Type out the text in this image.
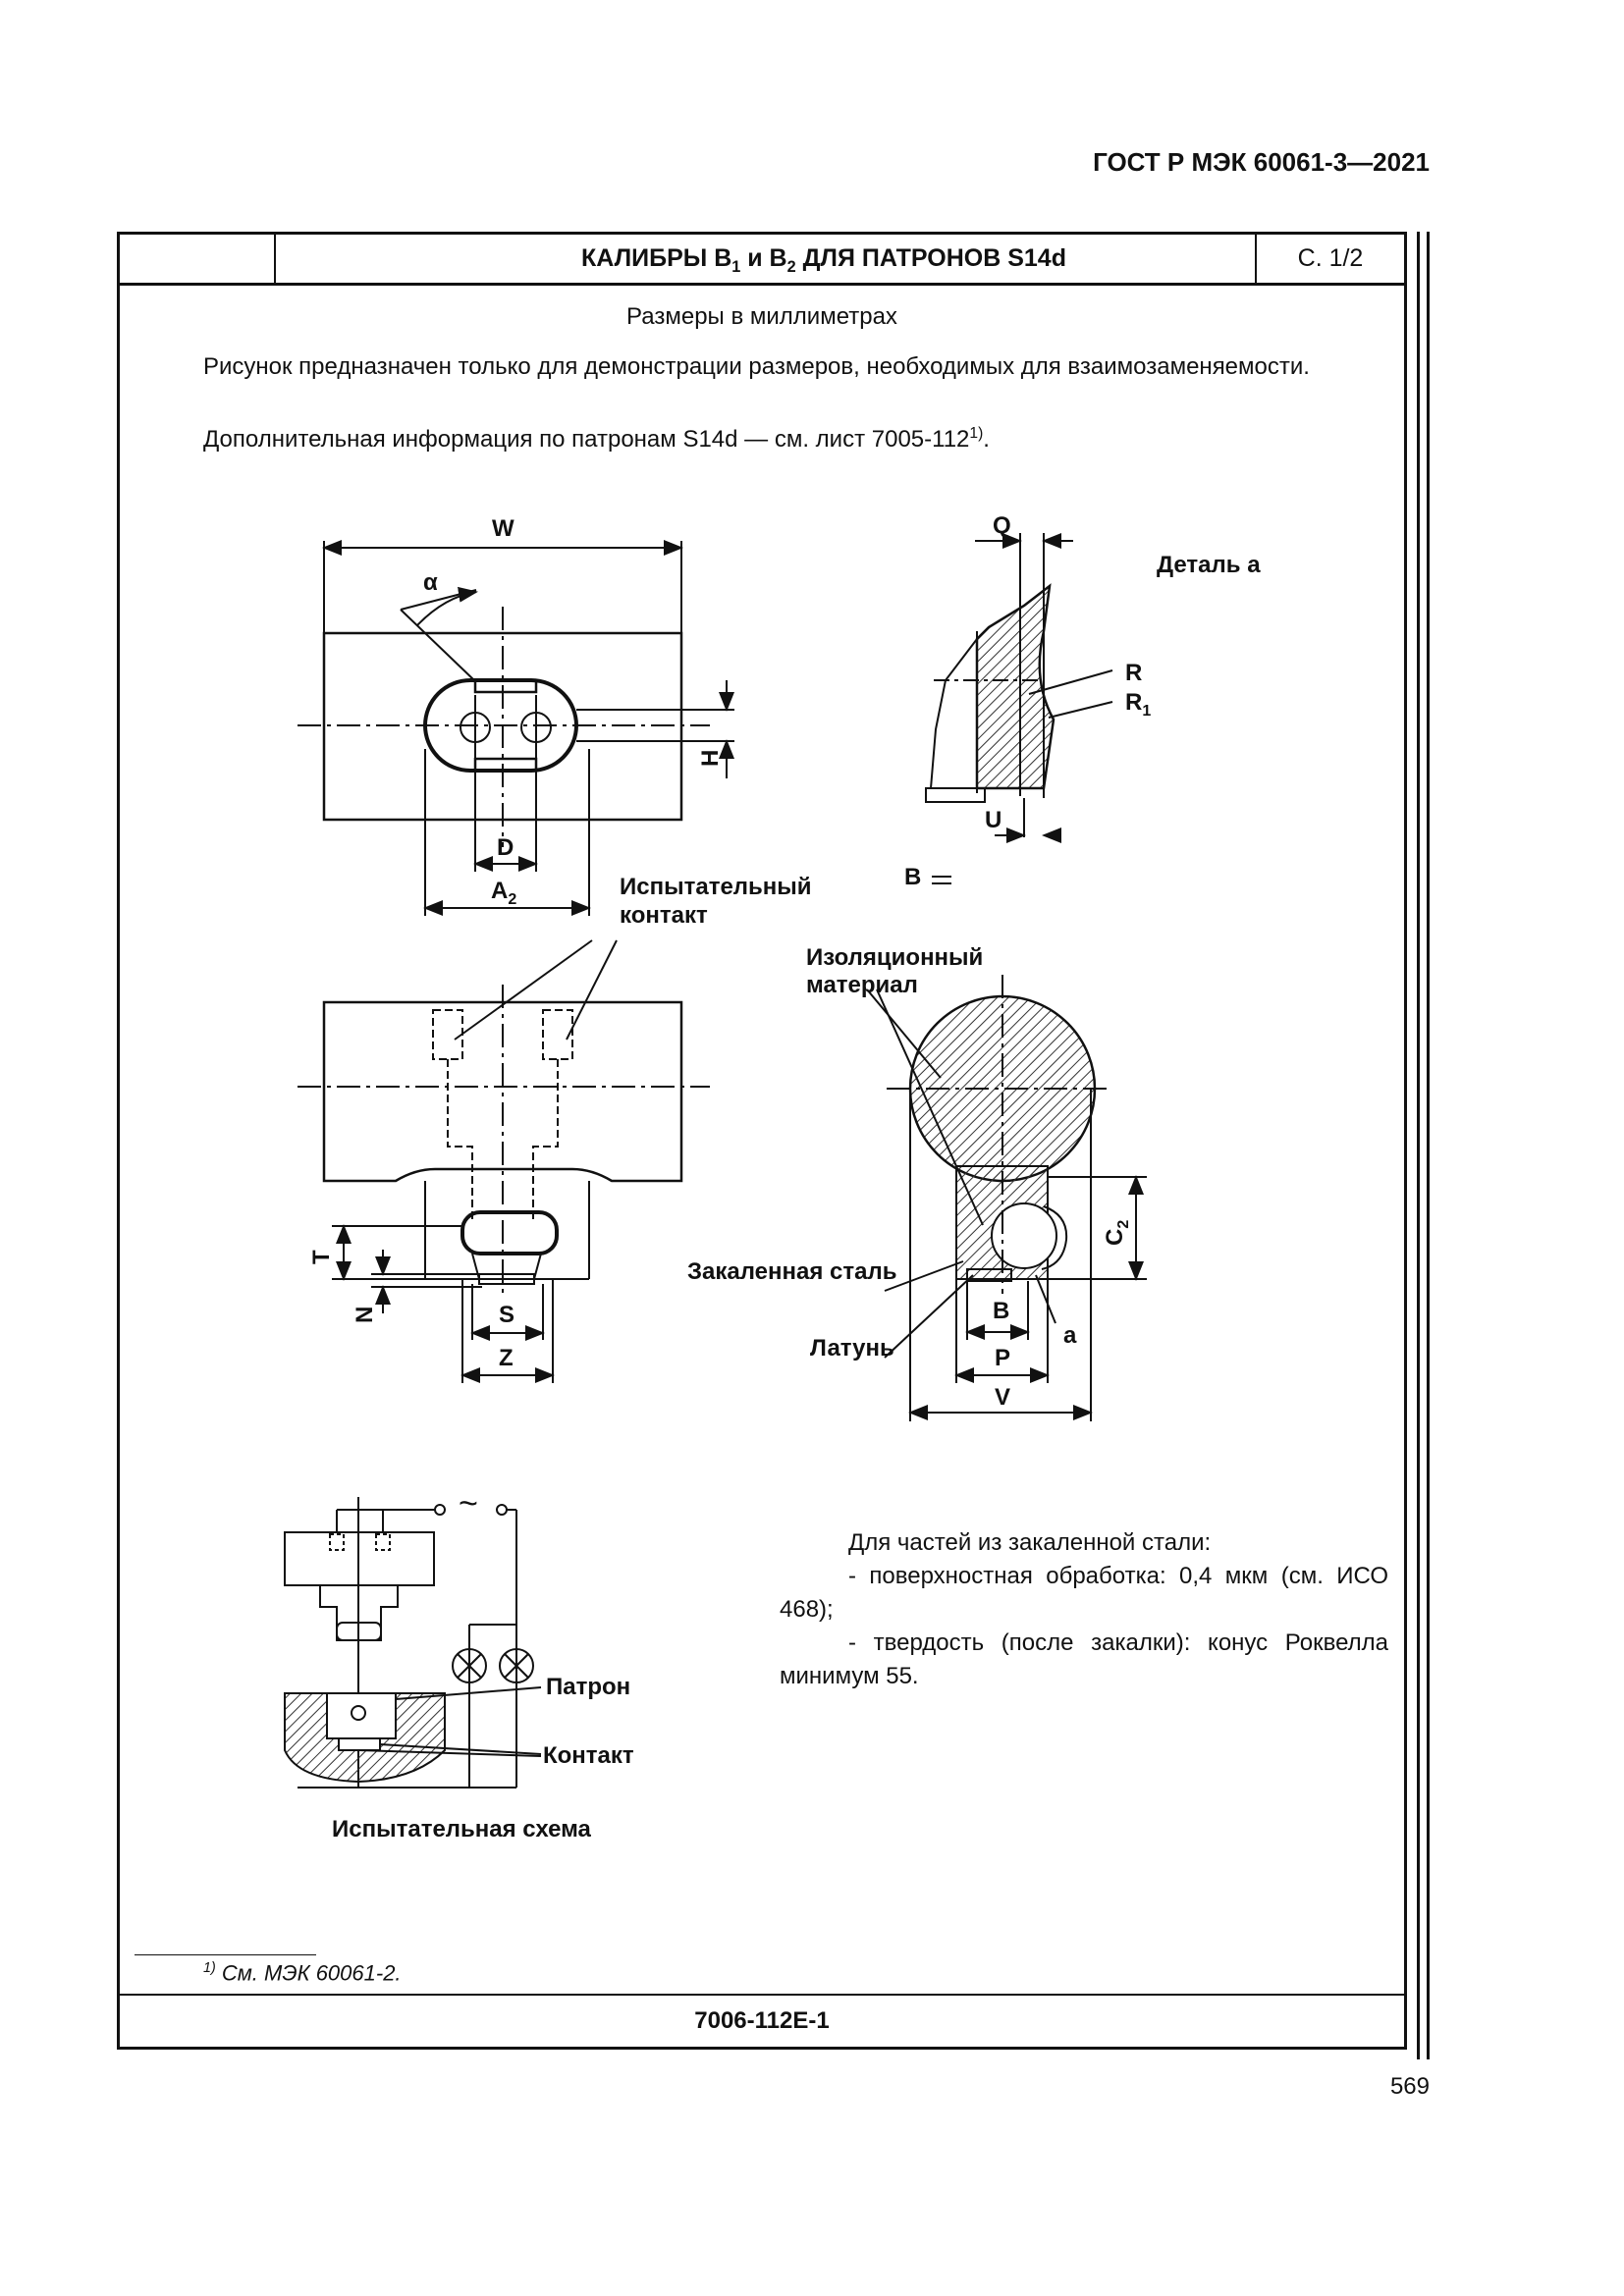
ГОСТ Р МЭК 60061-3—2021
КАЛИБРЫ $B_1$ и $B_2$ ДЛЯ ПАТРОНОВ S14d	С. 1/2
Размеры в миллиметрах
Рисунок предназначен только для демонстрации размеров, необходимых для взаимозаменяемости.
Дополнительная информация по патронам S14d — см. лист 7005-112$^{1)}$.
W
α
H
D
$A_2$
Q
Деталь a
R
$R_1$
U
B
Испытательный
контакт
Изоляционный
материал
T
N	S
Z
$C_2$
Закаленная сталь
Латунь
B
P
V
a
~
Патрон
Контакт
Испытательная схема
Для частей из закаленной стали:
- поверхностная обработка: 0,4 мкм (см. ИСО 468);
- твердость (после закалки): конус Роквелла минимум 55.
$^{1)}$ См. МЭК 60061-2.
7006-112E-1
569
